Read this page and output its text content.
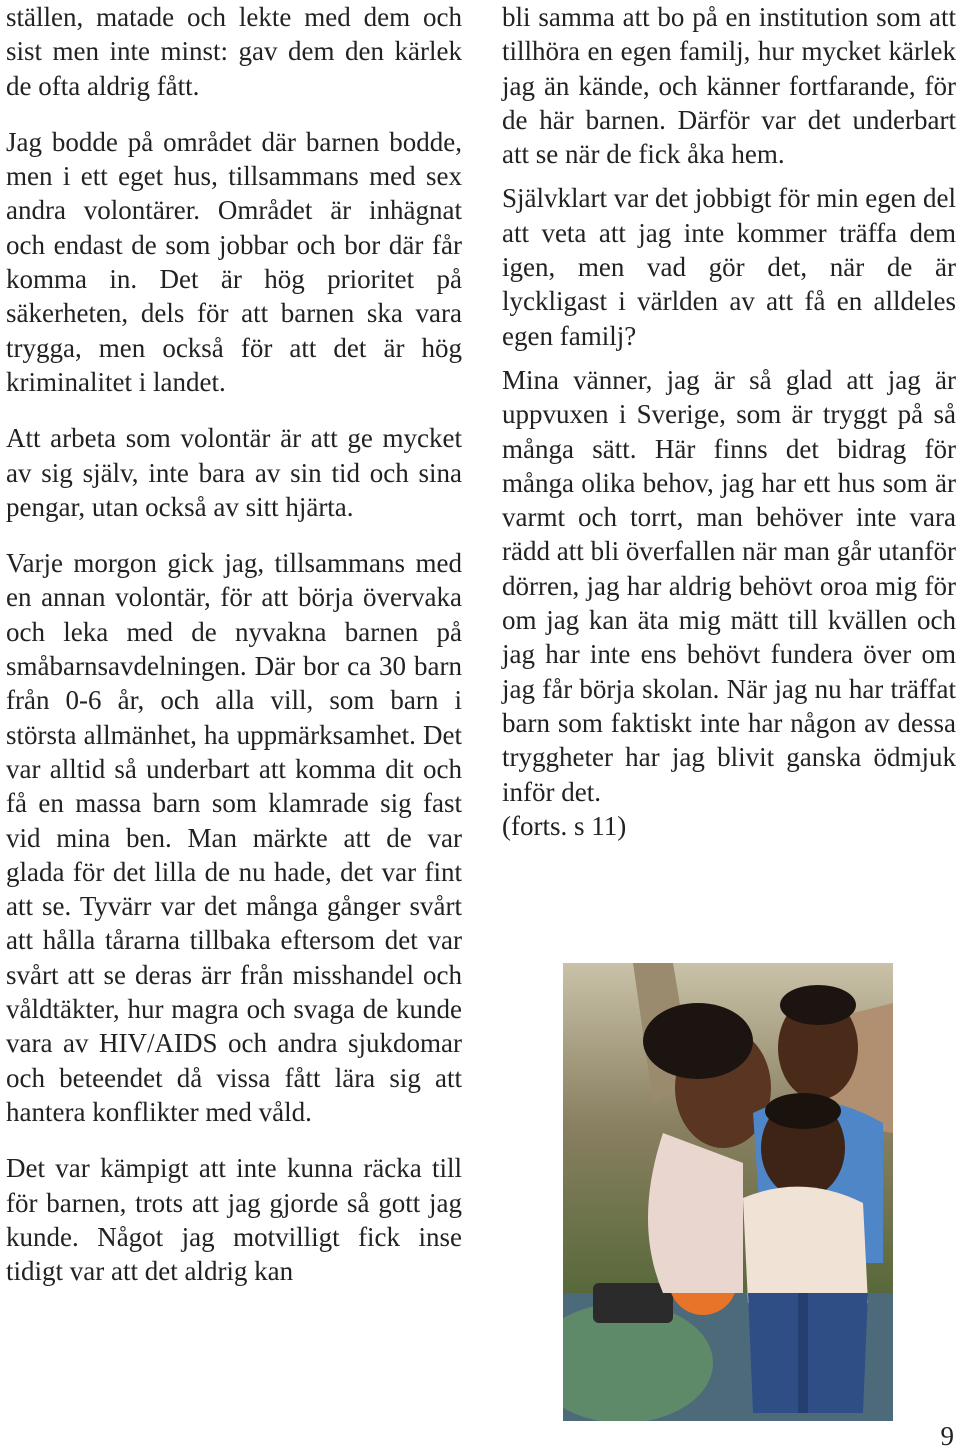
ställen, matade och lekte med dem och sist men inte minst: gav dem den kärlek de ofta aldrig fått.

Jag bodde på området där barnen bodde, men i ett eget hus, tillsammans med sex andra volontärer. Området är inhägnat och endast de som jobbar och bor där får komma in. Det är hög prioritet på säkerheten, dels för att barnen ska vara trygga, men också för att det är hög kriminalitet i landet.

Att arbeta som volontär är att ge mycket av sig själv, inte bara av sin tid och sina pengar, utan också av sitt hjärta.

Varje morgon gick jag, tillsammans med en annan volontär, för att börja övervaka och leka med de nyvakna barnen på småbarnsavdelningen. Där bor ca 30 barn från 0-6 år, och alla vill, som barn i största allmänhet, ha uppmärksamhet. Det var alltid så underbart att komma dit och få en massa barn som klamrade sig fast vid mina ben. Man märkte att de var glada för det lilla de nu hade, det var fint att se. Tyvärr var det många gånger svårt att hålla tårarna tillbaka eftersom det var svårt att se deras ärr från misshandel och våldtäkter, hur magra och svaga de kunde vara av HIV/AIDS och andra sjukdomar och beteendet då vissa fått lära sig att hantera konflikter med våld.

Det var kämpigt att inte kunna räcka till för barnen, trots att jag gjorde så gott jag kunde. Något jag motvilligt fick inse tidigt var att det aldrig kan

bli samma att bo på en institution som att tillhöra en egen familj, hur mycket kärlek jag än kände, och känner fortfarande, för de här barnen. Därför var det underbart att se när de fick åka hem.

Självklart var det jobbigt för min egen del att veta att jag inte kommer träffa dem igen, men vad gör det, när de är lyckligast i världen av att få en alldeles egen familj?

Mina vänner, jag är så glad att jag är uppvuxen i Sverige, som är tryggt på så många sätt. Här finns det bidrag för många olika behov, jag har ett hus som är varmt och torrt, man behöver inte vara rädd att bli överfallen när man går utanför dörren, jag har aldrig behövt oroa mig för om jag kan äta mig mätt till kvällen och jag har inte ens behövt fundera över om jag får börja skolan. När jag nu har träffat barn som faktiskt inte har någon av dessa tryggheter har jag blivit ganska ödmjuk inför det.

(forts. s 11)

9
